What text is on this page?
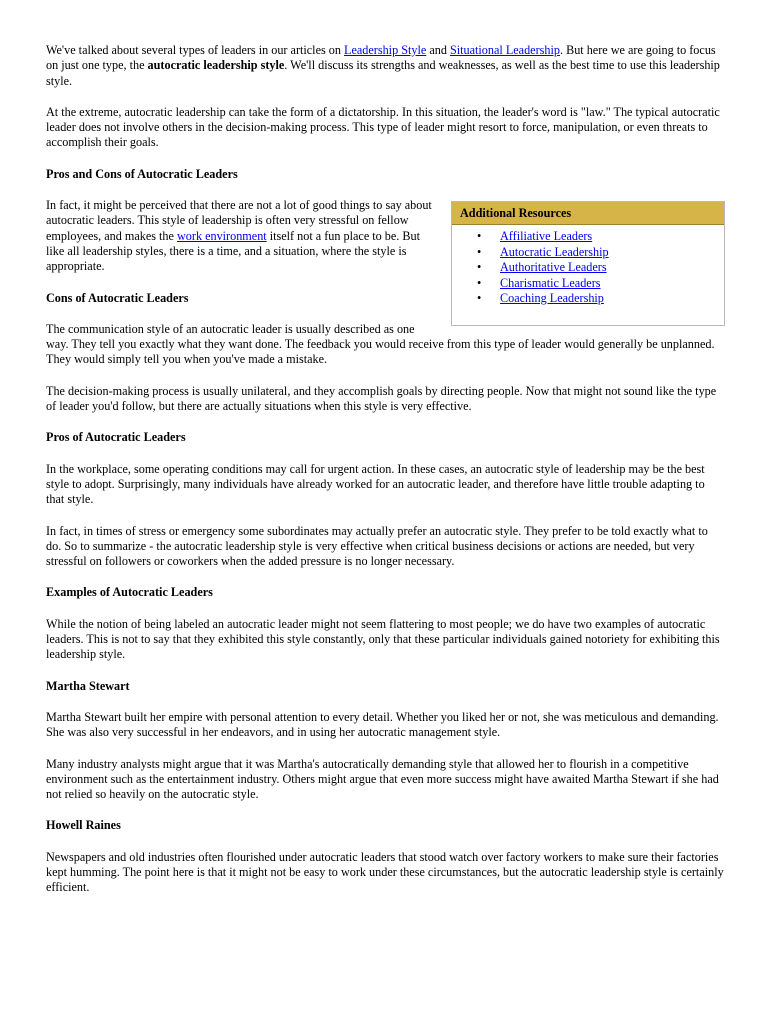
We've talked about several types of leaders in our articles on Leadership Style and Situational Leadership. But here we are going to focus on just one type, the autocratic leadership style. We'll discuss its strengths and weaknesses, as well as the best time to use this leadership style.

At the extreme, autocratic leadership can take the form of a dictatorship. In this situation, the leader's word is "law." The typical autocratic leader does not involve others in the decision-making process. This type of leader might resort to force, manipulation, or even threats to accomplish their goals.

Pros and Cons of Autocratic Leaders
Additional Resources
• Affiliative Leaders
• Autocratic Leadership
• Authoritative Leaders
• Charismatic Leaders
• Coaching Leadership

In fact, it might be perceived that there are not a lot of good things to say about autocratic leaders. This style of leadership is often very stressful on fellow employees, and makes the work environment itself not a fun place to be. But like all leadership styles, there is a time, and a situation, where the style is appropriate.

Cons of Autocratic Leaders

The communication style of an autocratic leader is usually described as one way. They tell you exactly what they want done. The feedback you would receive from this type of leader would generally be unplanned. They would simply tell you when you've made a mistake.

The decision-making process is usually unilateral, and they accomplish goals by directing people. Now that might not sound like the type of leader you'd follow, but there are actually situations when this style is very effective.

Pros of Autocratic Leaders

In the workplace, some operating conditions may call for urgent action. In these cases, an autocratic style of leadership may be the best style to adopt. Surprisingly, many individuals have already worked for an autocratic leader, and therefore have little trouble adapting to that style.

In fact, in times of stress or emergency some subordinates may actually prefer an autocratic style. They prefer to be told exactly what to do. So to summarize - the autocratic leadership style is very effective when critical business decisions or actions are needed, but very stressful on followers or coworkers when the added pressure is no longer necessary.

Examples of Autocratic Leaders

While the notion of being labeled an autocratic leader might not seem flattering to most people; we do have two examples of autocratic leaders. This is not to say that they exhibited this style constantly, only that these particular individuals gained notoriety for exhibiting this leadership style.

Martha Stewart

Martha Stewart built her empire with personal attention to every detail. Whether you liked her or not, she was meticulous and demanding. She was also very successful in her endeavors, and in using her autocratic management style.

Many industry analysts might argue that it was Martha's autocratically demanding style that allowed her to flourish in a competitive environment such as the entertainment industry. Others might argue that even more success might have awaited Martha Stewart if she had not relied so heavily on the autocratic style.

Howell Raines

Newspapers and old industries often flourished under autocratic leaders that stood watch over factory workers to make sure their factories kept humming. The point here is that it might not be easy to work under these circumstances, but the autocratic leadership style is certainly efficient.
